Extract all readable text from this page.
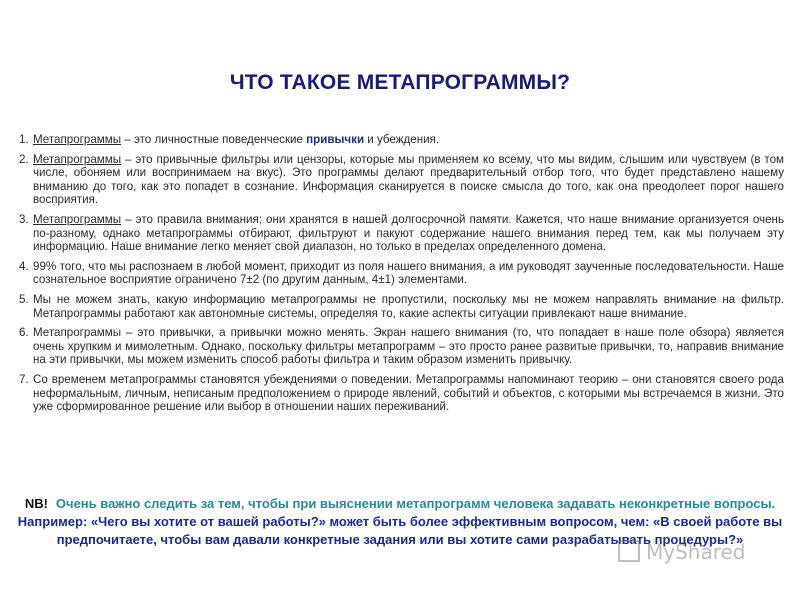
ЧТО ТАКОЕ МЕТАПРОГРАММЫ?
1. Метапрограммы – это личностные поведенческие привычки и убеждения.
2. Метапрограммы – это привычные фильтры или цензоры, которые мы применяем ко всему, что мы видим, слышим или чувствуем (в том числе, обоняем или воспринимаем на вкус). Это программы делают предварительный отбор того, что будет представлено нашему вниманию до того, как это попадет в сознание. Информация сканируется в поиске смысла до того, как она преодолеет порог нашего восприятия.
3. Метапрограммы – это правила внимания; они хранятся в нашей долгосрочной памяти. Кажется, что наше внимание организуется очень по-разному, однако метапрограммы отбирают, фильтруют и пакуют содержание нашего внимания перед тем, как мы получаем эту информацию. Наше внимание легко меняет свой диапазон, но только в пределах определенного домена.
4. 99% того, что мы распознаем в любой момент, приходит из поля нашего внимания, а им руководят заученные последовательности. Наше сознательное восприятие ограничено 7±2 (по другим данным, 4±1) элементами.
5. Мы не можем знать, какую информацию метапрограммы не пропустили, поскольку мы не можем направлять внимание на фильтр. Метапрограммы работают как автономные системы, определяя то, какие аспекты ситуации привлекают наше внимание.
6. Метапрограммы – это привычки, а привычки можно менять. Экран нашего внимания (то, что попадает в наше поле обзора) является очень хрупким и мимолетным. Однако, поскольку фильтры метапрограмм – это просто ранее развитые привычки, то, направив внимание на эти привычки, мы можем изменить способ работы фильтра и таким образом изменить привычку.
7. Со временем метапрограммы становятся убеждениями о поведении. Метапрограммы напоминают теорию – они становятся своего рода неформальным, личным, неписаным предположением о природе явлений, событий и объектов, с которыми мы встречаемся в жизни. Это уже сформированное решение или выбор в отношении наших переживаний.
NB! Очень важно следить за тем, чтобы при выяснении метапрограмм человека задавать неконкретные вопросы.
Например: «Чего вы хотите от вашей работы?» может быть более эффективным вопросом, чем: «В своей работе вы предпочитаете, чтобы вам давали конкретные задания или вы хотите сами разрабатывать процедуры?»
MyShared
